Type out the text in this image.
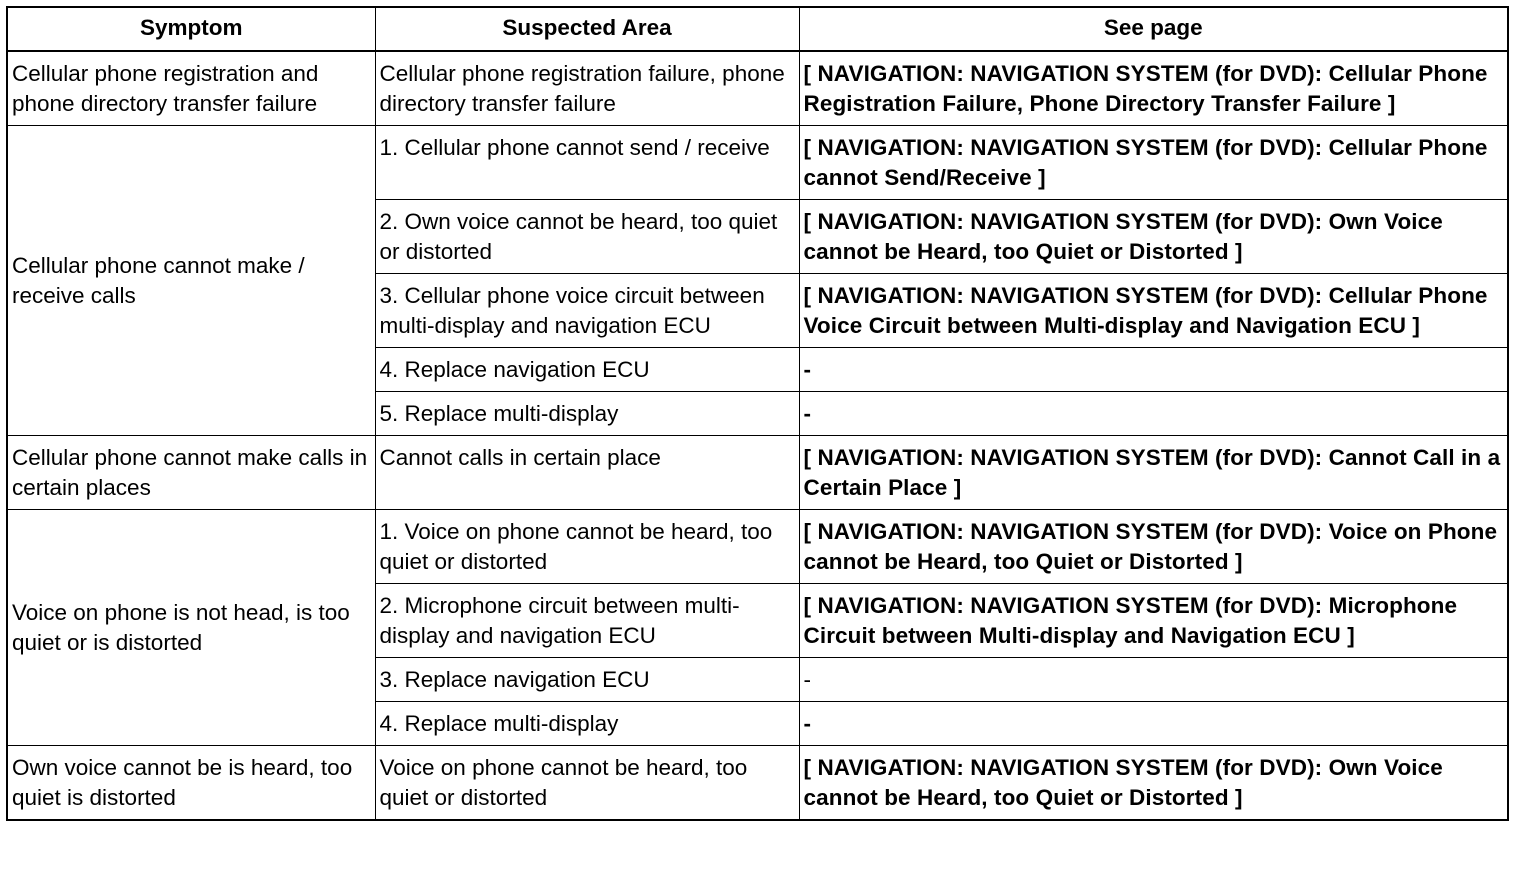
Symptom	Suspected Area	See page
Cellular phone registration and phone directory transfer failure	Cellular phone registration failure, phone directory transfer failure	[ NAVIGATION: NAVIGATION SYSTEM (for DVD): Cellular Phone Registration Failure, Phone Directory Transfer Failure ]
Cellular phone cannot make / receive calls	1. Cellular phone cannot send / receive	[ NAVIGATION: NAVIGATION SYSTEM (for DVD): Cellular Phone cannot Send/Receive ]
	2. Own voice cannot be heard, too quiet or distorted	[ NAVIGATION: NAVIGATION SYSTEM (for DVD): Own Voice cannot be Heard, too Quiet or Distorted ]
	3. Cellular phone voice circuit between multi-display and navigation ECU	[ NAVIGATION: NAVIGATION SYSTEM (for DVD): Cellular Phone Voice Circuit between Multi-display and Navigation ECU ]
	4. Replace navigation ECU	-
	5. Replace multi-display	-
Cellular phone cannot make calls in certain places	Cannot calls in certain place	[ NAVIGATION: NAVIGATION SYSTEM (for DVD): Cannot Call in a Certain Place ]
Voice on phone is not head, is too quiet or is distorted	1. Voice on phone cannot be heard, too quiet or distorted	[ NAVIGATION: NAVIGATION SYSTEM (for DVD): Voice on Phone cannot be Heard, too Quiet or Distorted ]
	2. Microphone circuit between multi-display and navigation ECU	[ NAVIGATION: NAVIGATION SYSTEM (for DVD): Microphone Circuit between Multi-display and Navigation ECU ]
	3. Replace navigation ECU	-
	4. Replace multi-display	-
Own voice cannot be is heard, too quiet is distorted	Voice on phone cannot be heard, too quiet or distorted	[ NAVIGATION: NAVIGATION SYSTEM (for DVD): Own Voice cannot be Heard, too Quiet or Distorted ]
